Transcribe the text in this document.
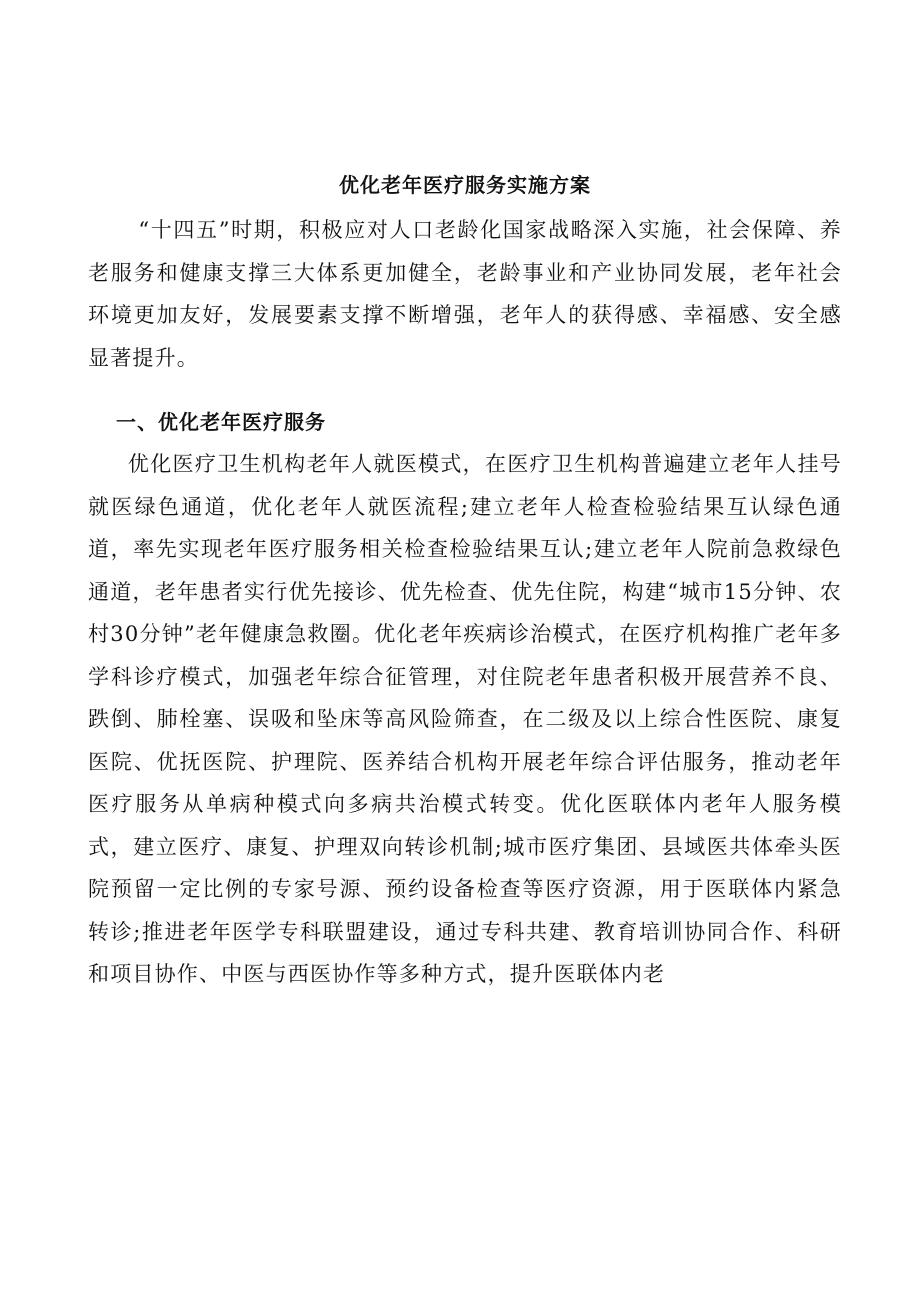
优化老年医疗服务实施方案

“十四五”时期，积极应对人口老龄化国家战略深入实施，社会保障、养老服务和健康支撑三大体系更加健全，老龄事业和产业协同发展，老年社会环境更加友好，发展要素支撑不断增强，老年人的获得感、幸福感、安全感显著提升。

一、优化老年医疗服务

优化医疗卫生机构老年人就医模式，在医疗卫生机构普遍建立老年人挂号就医绿色通道，优化老年人就医流程;建立老年人检查检验结果互认绿色通道，率先实现老年医疗服务相关检查检验结果互认;建立老年人院前急救绿色通道，老年患者实行优先接诊、优先检查、优先住院，构建“城市15分钟、农村30分钟”老年健康急救圈。优化老年疾病诊治模式，在医疗机构推广老年多学科诊疗模式，加强老年综合征管理，对住院老年患者积极开展营养不良、跌倒、肺栓塞、误吸和坠床等高风险筛查，在二级及以上综合性医院、康复医院、优抚医院、护理院、医养结合机构开展老年综合评估服务，推动老年医疗服务从单病种模式向多病共治模式转变。优化医联体内老年人服务模式，建立医疗、康复、护理双向转诊机制;城市医疗集团、县域医共体牵头医院预留一定比例的专家号源、预约设备检查等医疗资源，用于医联体内紧急转诊;推进老年医学专科联盟建设，通过专科共建、教育培训协同合作、科研和项目协作、中医与西医协作等多种方式，提升医联体内老
